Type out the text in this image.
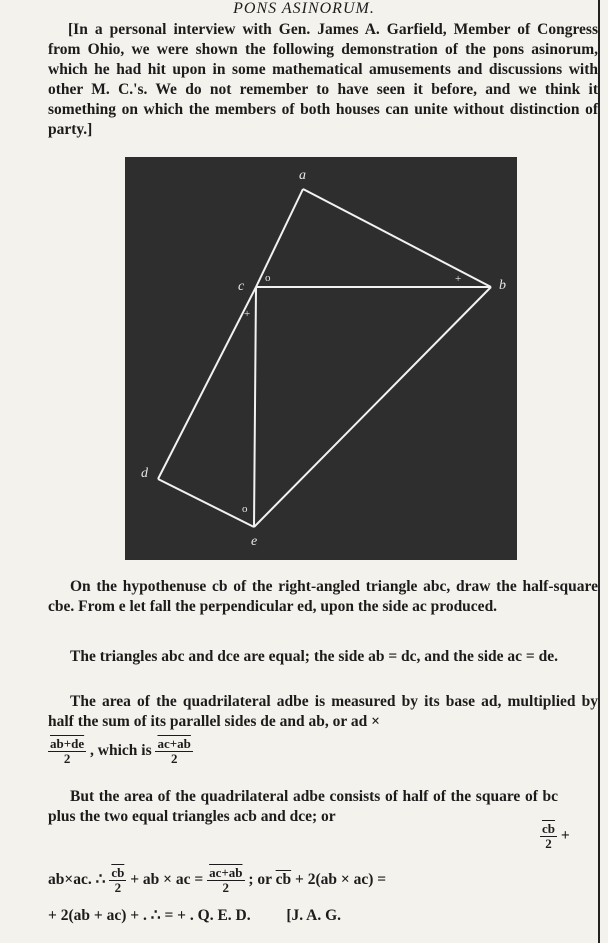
PONS ASINORUM.
[In a personal interview with Gen. James A. Garfield, Member of Congress from Ohio, we were shown the following demonstration of the pons asinorum, which he had hit upon in some mathematical amusements and discussions with other M. C.'s. We do not remember to have seen it before, and we think it something on which the members of both houses can unite without distinction of party.]
a
b
c
d
e
o	+
+
o
On the hypothenuse cb of the right-angled triangle abc, draw the half-square cbe. From e let fall the perpendicular ed, upon the side ac produced.
The triangles abc and dce are equal; the side ab = dc, and the side ac = de.
The area of the quadrilateral adbe is measured by its base ad, multiplied by half the sum of its parallel sides de and ab, or ad ×
$\frac{ab+de}{2}$ , which is $\frac{ac+ab}{2}$
But the area of the quadrilateral adbe consists of half of the square of bc plus the two equal triangles acb and dce; or
$\frac{\overline{cb}}{2}$ +
ab×ac. ∴ $\frac{\overline{cb}}{2}$ + ab × ac = $\frac{ac+ab}{2}$ ; or $\overline{cb} + 2(ab \times ac)$ =
+ 2(ab + ac) + . ∴ = + . Q. E. D. [J. A. G.
